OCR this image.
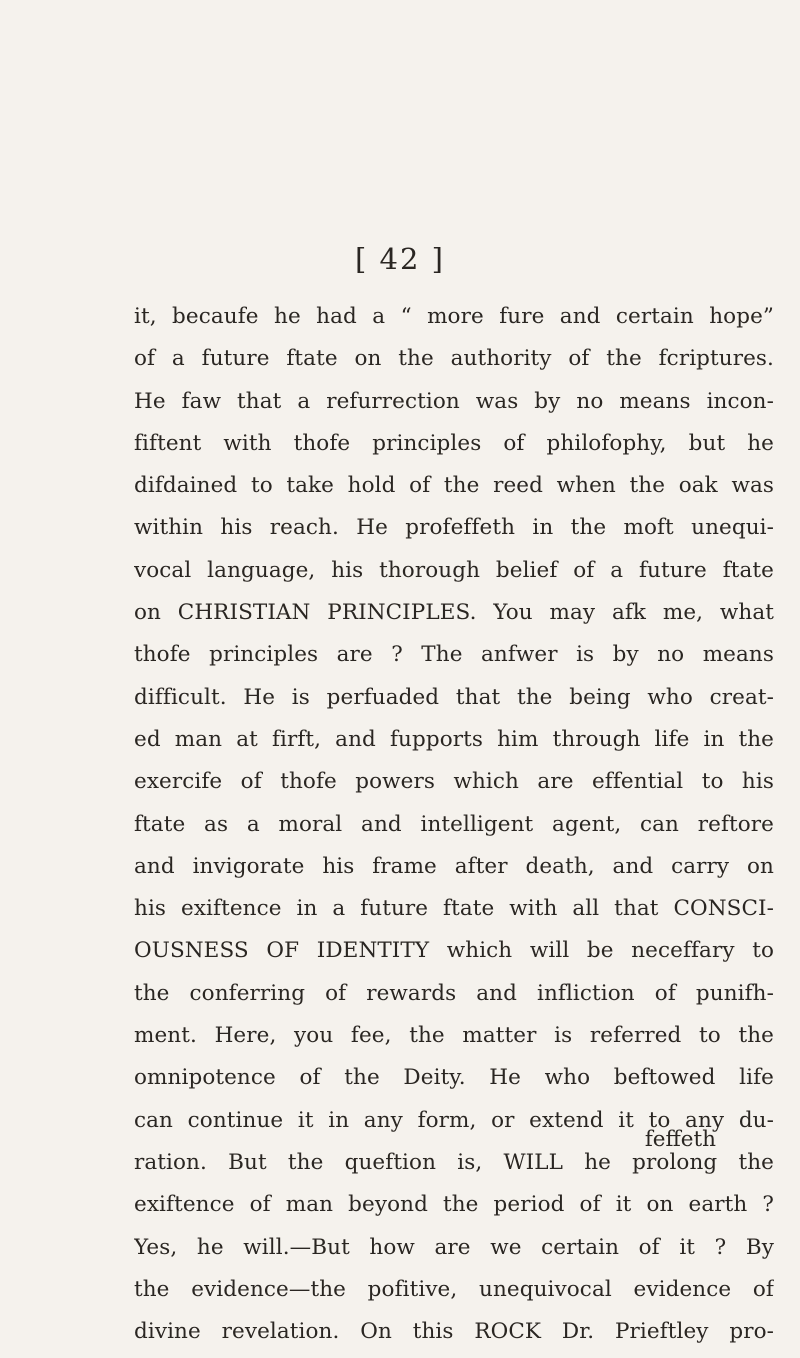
[ 42 ]
it, becaufe he had a “ more fure and certain hope”
of a future ftate on the authority of the fcriptures.
He faw that a refurrection was by no means incon-
fiftent with thofe principles of philofophy, but he
difdained to take hold of the reed when the oak was
within his reach. He profeffeth in the moft unequi-
vocal language, his thorough belief of a future ftate
on CHRISTIAN PRINCIPLES. You may afk me, what
thofe principles are ? The anfwer is by no means
difficult. He is perfuaded that the being who creat-
ed man at firft, and fupports him through life in the
exercife of thofe powers which are effential to his
ftate as a moral and intelligent agent, can reftore
and invigorate his frame after death, and carry on
his exiftence in a future ftate with all that CONSCI-
OUSNESS OF IDENTITY which will be neceffary to
the conferring of rewards and infliction of punifh-
ment. Here, you fee, the matter is referred to the
omnipotence of the Deity. He who beftowed life
can continue it in any form, or extend it to any du-
ration. But the queftion is, WILL he prolong the
exiftence of man beyond the period of it on earth ?
Yes, he will.—But how are we certain of it ? By
the evidence—the pofitive, unequivocal evidence of
divine revelation. On this ROCK Dr. Prieftley pro-
feffeth
